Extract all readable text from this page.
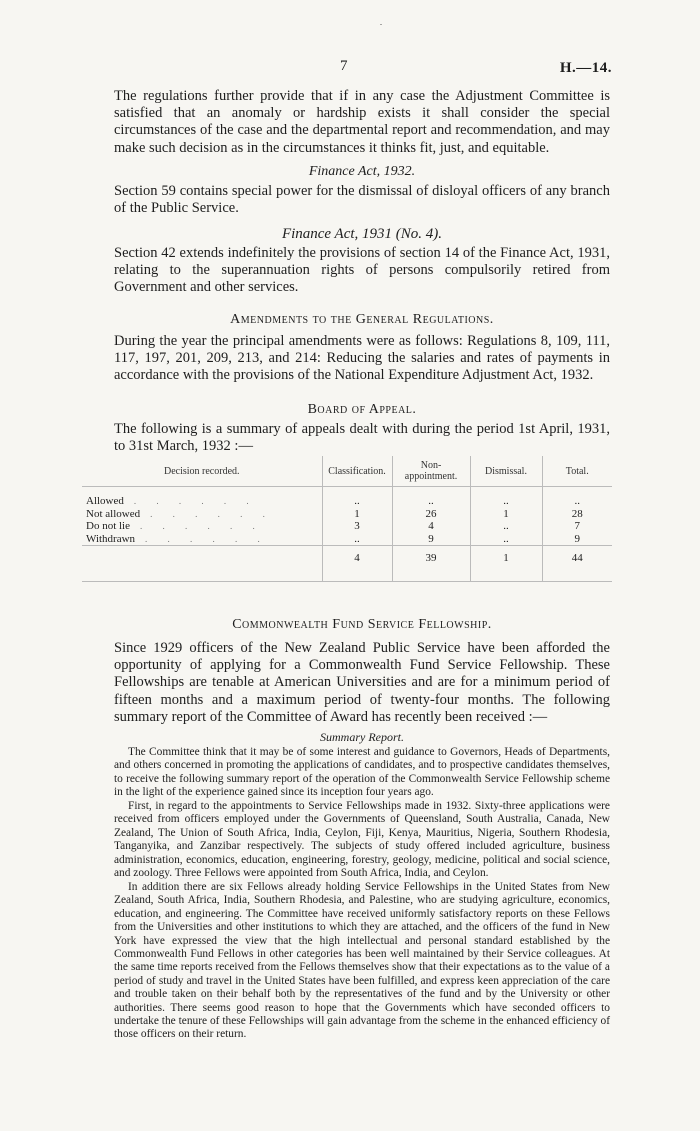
.
7	H.—14.

The regulations further provide that if in any case the Adjustment Committee is satisfied that an anomaly or hardship exists it shall consider the special circumstances of the case and the departmental report and recommendation, and may make such decision as in the circumstances it thinks fit, just, and equitable.

Finance Act, 1932.

Section 59 contains special power for the dismissal of disloyal officers of any branch of the Public Service.

Finance Act, 1931 (No. 4).

Section 42 extends indefinitely the provisions of section 14 of the Finance Act, 1931, relating to the superannuation rights of persons compulsorily retired from Government and other services.

Amendments to the General Regulations.

During the year the principal amendments were as follows: Regulations 8, 109, 111, 117, 197, 201, 209, 213, and 214: Reducing the salaries and rates of payments in accordance with the provisions of the National Expenditure Adjustment Act, 1932.

Board of Appeal.

The following is a summary of appeals dealt with during the period 1st April, 1931, to 31st March, 1932 :—

Decision recorded.	Classification.	Non-appointment.	Dismissal.	Total.

Allowed . . . . . .	..	..	..	..
Not allowed . . . . . .	1	26	1	28
Do not lie . . . . . .	3	4	..	7
Withdrawn . . . . . .	..	9	..	9
	4	39	1	44

Commonwealth Fund Service Fellowship.

Since 1929 officers of the New Zealand Public Service have been afforded the opportunity of applying for a Commonwealth Fund Service Fellowship. These Fellowships are tenable at American Universities and are for a minimum period of fifteen months and a maximum period of twenty-four months. The following summary report of the Committee of Award has recently been received :—

Summary Report.

The Committee think that it may be of some interest and guidance to Governors, Heads of Departments, and others concerned in promoting the applications of candidates, and to prospective candidates themselves, to receive the following summary report of the operation of the Commonwealth Service Fellowship scheme in the light of the experience gained since its inception four years ago.

First, in regard to the appointments to Service Fellowships made in 1932. Sixty-three applications were received from officers employed under the Governments of Queensland, South Australia, Canada, New Zealand, The Union of South Africa, India, Ceylon, Fiji, Kenya, Mauritius, Nigeria, Southern Rhodesia, Tanganyika, and Zanzibar respectively. The subjects of study offered included agriculture, business administration, economics, education, engineering, forestry, geology, medicine, political and social science, and zoology. Three Fellows were appointed from South Africa, India, and Ceylon.

In addition there are six Fellows already holding Service Fellowships in the United States from New Zealand, South Africa, India, Southern Rhodesia, and Palestine, who are studying agriculture, economics, education, and engineering. The Committee have received uniformly satisfactory reports on these Fellows from the Universities and other institutions to which they are attached, and the officers of the fund in New York have expressed the view that the high intellectual and personal standard established by the Commonwealth Fund Fellows in other categories has been well maintained by their Service colleagues. At the same time reports received from the Fellows themselves show that their expectations as to the value of a period of study and travel in the United States have been fulfilled, and express keen appreciation of the care and trouble taken on their behalf both by the representatives of the fund and by the University or other authorities. There seems good reason to hope that the Governments which have seconded officers to undertake the tenure of these Fellowships will gain advantage from the scheme in the enhanced efficiency of those officers on their return.
